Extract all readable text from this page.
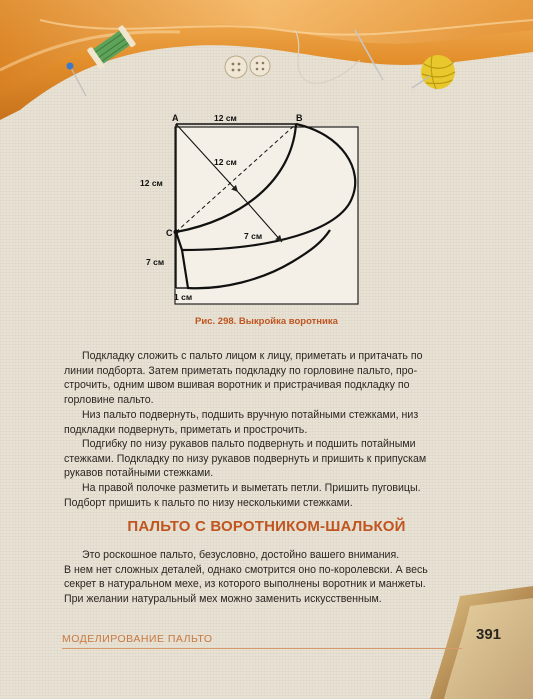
A	B
C
12 см
12 см
12 см
7 см
7 см
1 см
Рис. 298. Выкройка воротника
Подкладку сложить с пальто лицом к лицу, приметать и притачать по
линии подборта. Затем приметать подкладку по горловине пальто, про-
строчить, одним швом вшивая воротник и пристрачивая подкладку по
горловине пальто.
Низ пальто подвернуть, подшить вручную потайными стежками, низ
подкладки подвернуть, приметать и прострочить.
Подгибку по низу рукавов пальто подвернуть и подшить потайными
стежками. Подкладку по низу рукавов подвернуть и пришить к припускам
рукавов потайными стежками.
На правой полочке разметить и выметать петли. Пришить пуговицы.
Подборт пришить к пальто по низу несколькими стежками.
ПАЛЬТО С ВОРОТНИКОМ-ШАЛЬКОЙ
Это роскошное пальто, безусловно, достойно вашего внимания.
В нем нет сложных деталей, однако смотрится оно по-королевски. А весь
секрет в натуральном мехе, из которого выполнены воротник и манжеты.
При желании натуральный мех можно заменить искусственным.
МОДЕЛИРОВАНИЕ ПАЛЬТО	391
